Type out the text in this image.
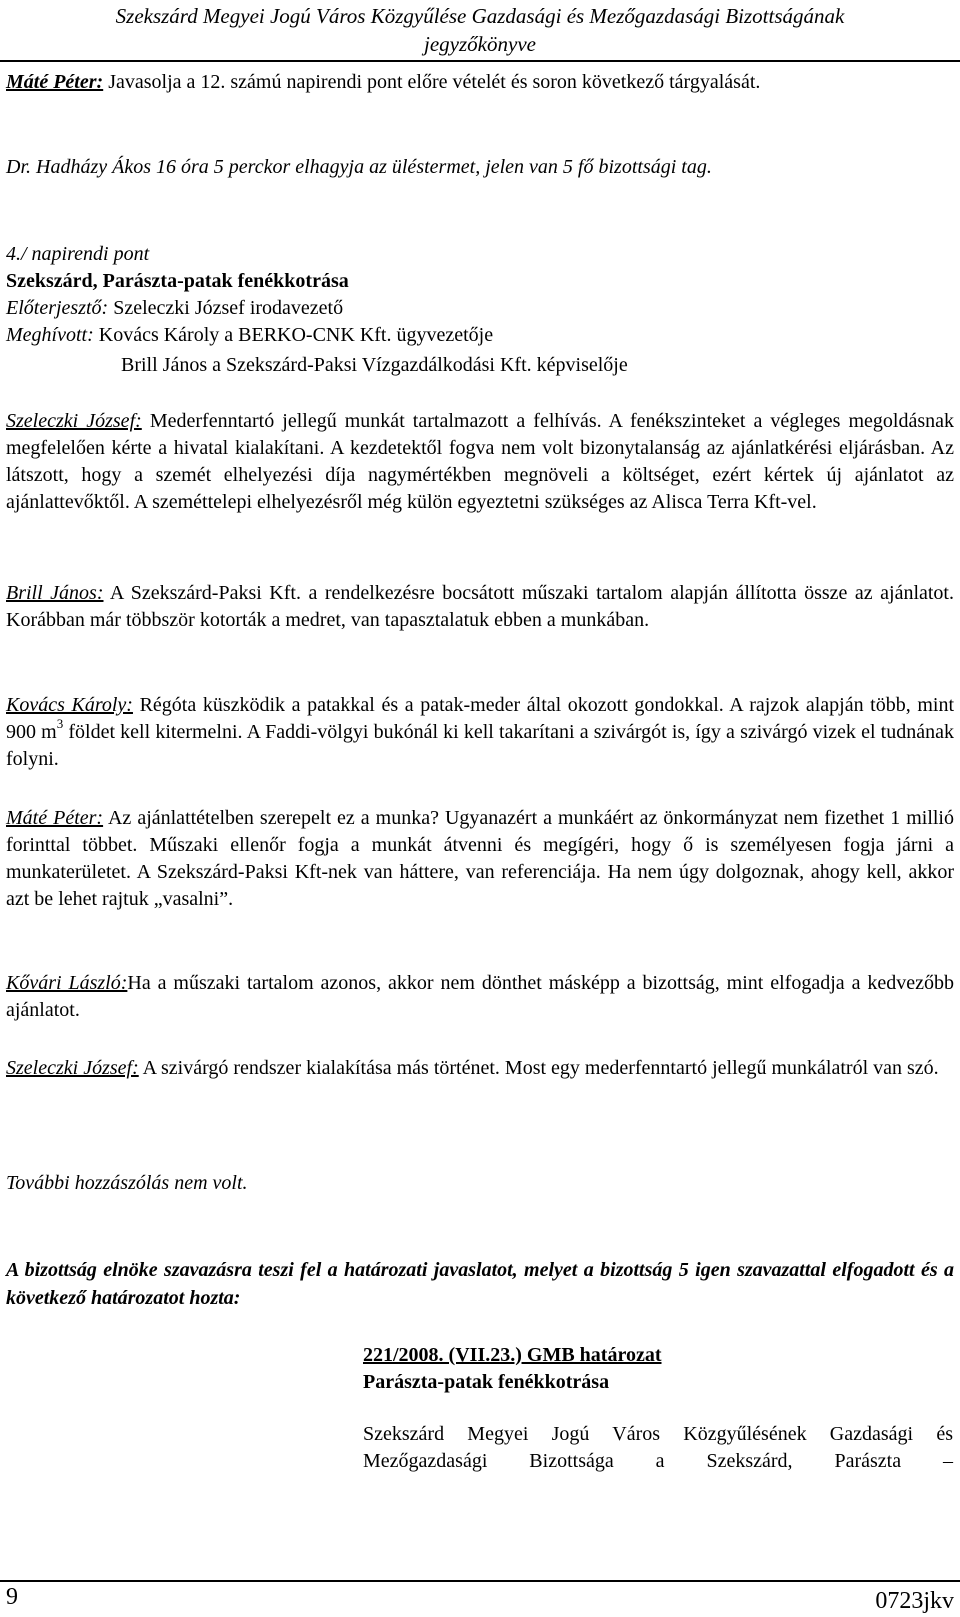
Szekszárd Megyei Jogú Város Közgyűlése Gazdasági és Mezőgazdasági Bizottságának
jegyzőkönyve
Máté Péter: Javasolja a 12. számú napirendi pont előre vételét és soron következő tárgyalását.
Dr. Hadházy Ákos 16 óra 5 perckor elhagyja az üléstermet, jelen van 5 fő bizottsági tag.
4./ napirendi pont
Szekszárd, Parászta-patak fenékkotrása
Előterjesztő: Szeleczki József irodavezető
Meghívott: Kovács Károly a BERKO-CNK Kft. ügyvezetője
Brill János a Szekszárd-Paksi Vízgazdálkodási Kft. képviselője
Szeleczki József: Mederfenntartó jellegű munkát tartalmazott a felhívás. A fenékszinteket a végleges megoldásnak megfelelően kérte a hivatal kialakítani. A kezdetektől fogva nem volt bizonytalanság az ajánlatkérési eljárásban. Az látszott, hogy a szemét elhelyezési díja nagymértékben megnöveli a költséget, ezért kértek új ajánlatot az ajánlattevőktől. A szeméttelepi elhelyezésről még külön egyeztetni szükséges az Alisca Terra Kft-vel.
Brill János: A Szekszárd-Paksi Kft. a rendelkezésre bocsátott műszaki tartalom alapján állította össze az ajánlatot. Korábban már többször kotorták a medret, van tapasztalatuk ebben a munkában.
Kovács Károly: Régóta küszködik a patakkal és a patak-meder által okozott gondokkal. A rajzok alapján több, mint 900 $m^3$ földet kell kitermelni. A Faddi-völgyi bukónál ki kell takarítani a szivárgót is, így a szivárgó vizek el tudnának folyni.
Máté Péter: Az ajánlattételben szerepelt ez a munka? Ugyanazért a munkáért az önkormányzat nem fizethet 1 millió forinttal többet. Műszaki ellenőr fogja a munkát átvenni és megígéri, hogy ő is személyesen fogja járni a munkaterületet. A Szekszárd-Paksi Kft-nek van háttere, van referenciája. Ha nem úgy dolgoznak, ahogy kell, akkor azt be lehet rajtuk „vasalni”.
Kővári László:Ha a műszaki tartalom azonos, akkor nem dönthet másképp a bizottság, mint elfogadja a kedvezőbb ajánlatot.
Szeleczki József: A szivárgó rendszer kialakítása más történet. Most egy mederfenntartó jellegű munkálatról van szó.
További hozzászólás nem volt.
A bizottság elnöke szavazásra teszi fel a határozati javaslatot, melyet a bizottság 5 igen szavazattal elfogadott és a következő határozatot hozta:
221/2008. (VII.23.) GMB határozat
Parászta-patak fenékkotrása
Szekszárd Megyei Jogú Város Közgyűlésének Gazdasági és Mezőgazdasági Bizottsága a Szekszárd, Parászta –
9	0723jkv
